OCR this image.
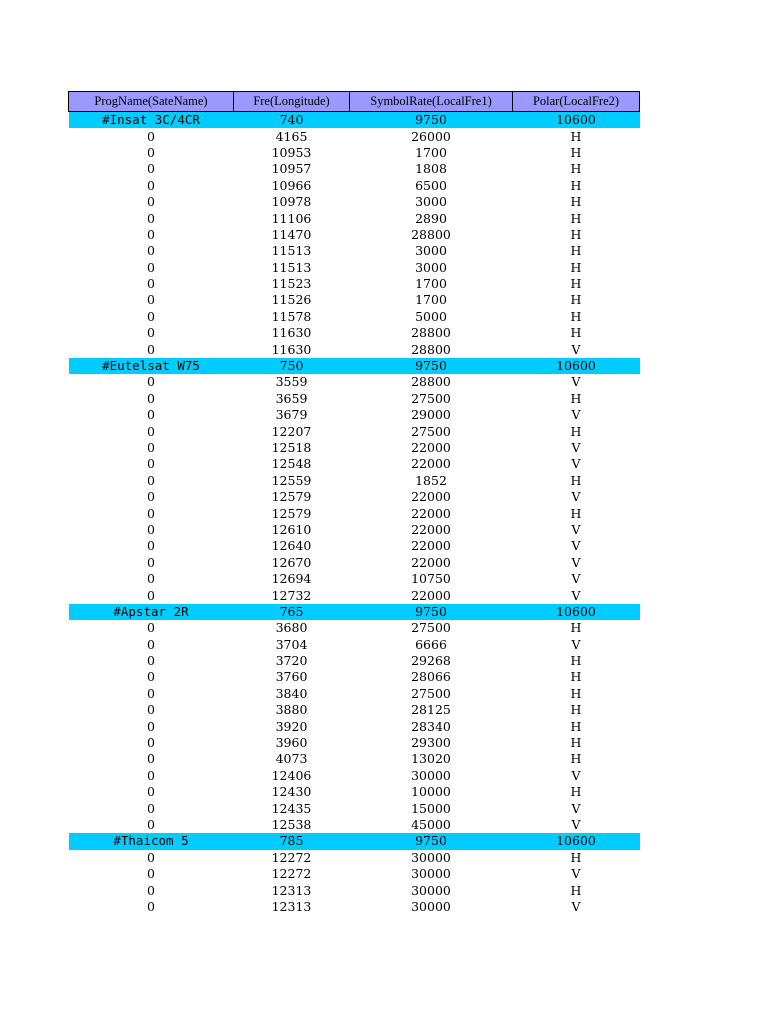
ProgName(SateName)	Fre(Longitude)	SymbolRate(LocalFre1)	Polar(LocalFre2)
#Insat 3C/4CR	740	9750	10600
0	4165	26000	H
0	10953	1700	H
0	10957	1808	H
0	10966	6500	H
0	10978	3000	H
0	11106	2890	H
0	11470	28800	H
0	11513	3000	H
0	11513	3000	H
0	11523	1700	H
0	11526	1700	H
0	11578	5000	H
0	11630	28800	H
0	11630	28800	V
#Eutelsat W75	750	9750	10600
0	3559	28800	V
0	3659	27500	H
0	3679	29000	V
0	12207	27500	H
0	12518	22000	V
0	12548	22000	V
0	12559	1852	H
0	12579	22000	V
0	12579	22000	H
0	12610	22000	V
0	12640	22000	V
0	12670	22000	V
0	12694	10750	V
0	12732	22000	V
#Apstar 2R	765	9750	10600
0	3680	27500	H
0	3704	6666	V
0	3720	29268	H
0	3760	28066	H
0	3840	27500	H
0	3880	28125	H
0	3920	28340	H
0	3960	29300	H
0	4073	13020	H
0	12406	30000	V
0	12430	10000	H
0	12435	15000	V
0	12538	45000	V
#Thaicom 5	785	9750	10600
0	12272	30000	H
0	12272	30000	V
0	12313	30000	H
0	12313	30000	V
